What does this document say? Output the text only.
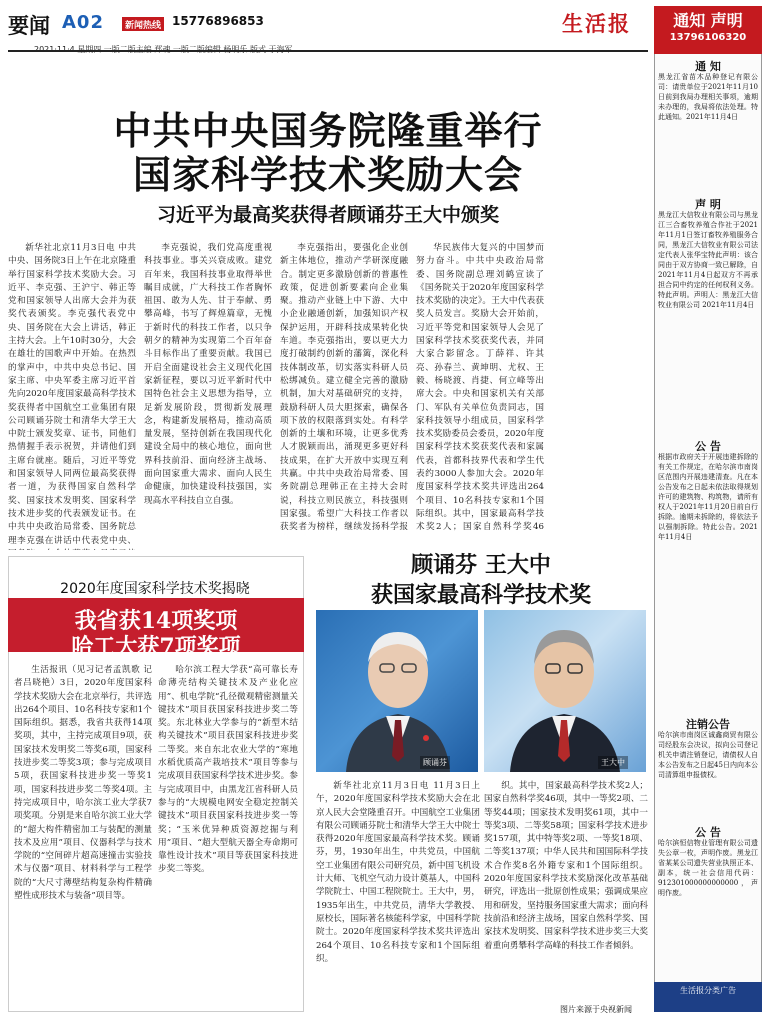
要闻 A02	新闻热线 15776896853	生活报
中共中央国务院隆重举行
国家科学技术奖励大会
习近平为最高奖获得者顾诵芬王大中颁奖

新华社北京11月3日电 中共中央、国务院3日上午在北京隆重举行国家科学技术奖励大会。习近平、李克强、王沪宁、韩正等党和国家领导人出席大会并为获奖代表颁奖。李克强代表党中央、国务院在大会上讲话，韩正主持大会。上午10时30分，大会在雄壮的国歌声中开始。在热烈的掌声中，中共中央总书记、国家主席、中央军委主席习近平首先向2020年度国家最高科学技术奖获得者中国航空工业集团有限公司顾诵芬院士和清华大学王大中院士颁发奖章、证书，同他们热情握手表示祝贺，并请他们到主席台就座。随后，习近平等党和国家领导人同两位最高奖获得者一道，为获得国家自然科学奖、国家技术发明奖、国家科学技术进步奖的代表颁发证书。在中共中央政治局常委、国务院总理李克强在讲话中代表党中央、

李克强说，我们党高度重视科技事业。事关兴衰成败。建党百年来，我国科技事业取得举世瞩目成就，广大科技工作者胸怀祖国、敢为人先、甘于奉献、勇攀高峰，书写了辉煌篇章，无愧于新时代的科技工作者，以只争朝夕的精神为实现第二个百年奋斗目标作出了重要贡献。我国已开启全面建设社会主义现代化国家新征程，要以习近平新时代中国特色社会主义思想为指导，立足新发展阶段，贯彻新发展理念，构建新发展格局，推动高质量发展，坚持创新在我国现代化建设全局中的核心地位，面向世界科技前沿、面向经济主战场、面向国家重大需求、面向人民生命健康，加快建设科技强国，实现高水平科技自立自强。

李克强指出，要强化企业创新主体地位，推动产学研深度融合。制定更多激励创新的普惠性政策，促进创新要素向企业集聚。推动产业链上中下游、大中小企业融通创新，加强知识产权保护运用，开辟科技成果转化快车道。李克强指出，要以更大力度打破制约创新的藩篱，深化科技体制改革，切实落实科研人员松绑减负。建立健全完善的激励机制，加大对基础研究的支持，鼓励科研人员大胆探索，确保各项下放的权限落到实处。有科学创新的土壤和环境，让更多优秀人才脱颖而出，涌现更多更好科技成果，在扩大开放中实现互利共赢。中共中央政治局常委、国务院副总理韩正在主持大会时说，科技立则民族立，科技强则国家强。希望广大科技工作者以获奖者为榜样，继续发扬科学报

华民族伟大复兴的中国梦而努力奋斗。中共中央政治局常委、国务院副总理刘鹤宣读了《国务院关于2020年度国家科学技术奖励的决定》。王大中代表获奖人员发言。奖励大会开始前，习近平等党和国家领导人会见了国家科学技术奖获奖代表，并同大家合影留念。丁薛祥、许其亮、孙春兰、黄坤明、尤权、王毅、杨晓渡、肖捷、何立峰等出席大会。中央和国家机关有关部门、军队有关单位负责同志，国家科技领导小组成员，国家科学技术奖励委员会委员，2020年度国家科学技术奖获奖代表和家属代表，首都科技界代表和学生代表约3000人参加大会。2020年度国家科学技术奖共评选出264个项目、10名科技专家和1个国际组织。其中，国家最高科学技术奖2人；国家自然科学奖46

2020年度国家科学技术奖揭晓
我省获14项奖项
哈工大获7项奖项

生活报讯（见习记者孟凯歌 记者吕晓艳）3日，2020年度国家科学技术奖励大会在北京举行，共评选出264个项目、10名科技专家和1个国际组织。据悉，我省共获得14项奖项，其中，主持完成项目9项，获国家技术发明奖二等奖6项，国家科技进步奖二等奖3项；参与完成项目5项，获国家科技进步奖一等奖1项，国家科技进步奖二等奖4项。主持完成项目中，哈尔滨工业大学获7项奖项。分别是来自哈尔滨工业大学的“超大构件精密加工与装配的测量技术及应用”项目、仪器科学与技术学院的“空间碎片超高速撞击实验技术与仪器”项目、材料科学与工程学院的“大尺寸薄壁结构复杂构件精确塑性成形技术与装备”项目等。

哈尔滨工程大学获“高可靠长寿命薄壳结构关键技术及产业化应用”、机电学院“孔径微观精密测量关键技术”项目获国家科技进步奖二等奖。东北林业大学参与的“新型木结构关键技术”项目获国家科技进步奖二等奖。来自东北农业大学的“寒地水稻优质高产栽培技术”项目等参与完成项目获国家科学技术进步奖。参与完成项目中，由黑龙江省科研人员参与的“大规模电网安全稳定控制关键技术”项目获国家科技进步奖一等奖；“玉米优异种质资源挖掘与利用”项目、“超大型航天器全寿命期可靠性设计技术”项目等获国家科技进步奖二等奖。

顾诵芬 王大中
获国家最高科学技术奖
顾诵芬	王大中

新华社北京11月3日电 11月3日上午，2020年度国家科学技术奖励大会在北京人民大会堂隆重召开。中国航空工业集团有限公司顾诵芬院士和清华大学王大中院士获得2020年度国家最高科学技术奖。顾诵芬，男，1930年出生，中共党员，中国航空工业集团有限公司研究员，新中国飞机设计大师、飞机空气动力设计奠基人，中国科学院院士、中国工程院院士。王大中，男，1935年出生，中共党员，清华大学教授、原校长，国际著名核能科学家，中国科学院院士。2020年度国家科学技术奖共评选出264个项目、10名科技专家和1个国际组织。

织。其中，国家最高科学技术奖2人；国家自然科学奖46项，其中一等奖2项、二等奖44项；国家技术发明奖61项，其中一等奖3项、二等奖58项；国家科学技术进步奖157项，其中特等奖2项、一等奖18项、二等奖137项；中华人民共和国国际科学技术合作奖8名外籍专家和1个国际组织。2020年度国家科学技术奖励深化改革基础研究，评选出一批原创性成果；强调成果应用和研发，坚持服务国家重大需求；面向科技前沿和经济主战场，国家自然科学奖、国家技术发明奖、国家科学技术进步奖三大奖着重向勇攀科学高峰的科技工作者倾斜。

图片来源于央视新闻
通知 声明
13796106320
通 知
黑龙江省苗木品种登记有限公司：请贵单位于2021年11月10日前到我局办理相关事项，逾期未办理的，我局将依法处理。特此通知。2021年11月4日
声 明
黑龙江大信牧业有限公司与黑龙江三合畜牧养殖合作社于2021年11月1日签订畜牧养殖服务合同，黑龙江大信牧业有限公司法定代表人张华宝特此声明：该合同由于双方协商一致已解除，自2021年11月4日起双方不再承担合同中约定的任何权利义务。特此声明。声明人：黑龙江大信牧业有限公司 2021年11月4日
公 告
根据市政府关于开展违建拆除的有关工作规定，在哈尔滨市南岗区范围内开展违建清查。凡在本公告发布之日起未依法取得规划许可的建筑物、构筑物，请所有权人于2021年11月20日前自行拆除。逾期未拆除的，将依法予以强制拆除。特此公告。2021年11月4日
注销公告
哈尔滨市南岗区诚鑫商贸有限公司经股东会决议，拟向公司登记机关申请注销登记，请债权人自本公告发布之日起45日内向本公司清算组申报债权。
公 告
哈尔滨恒信物业管理有限公司遗失公章一枚，声明作废。黑龙江省某某公司遗失营业执照正本、副本，统一社会信用代码：912301000000000000，声明作废。
生活报分类广告
